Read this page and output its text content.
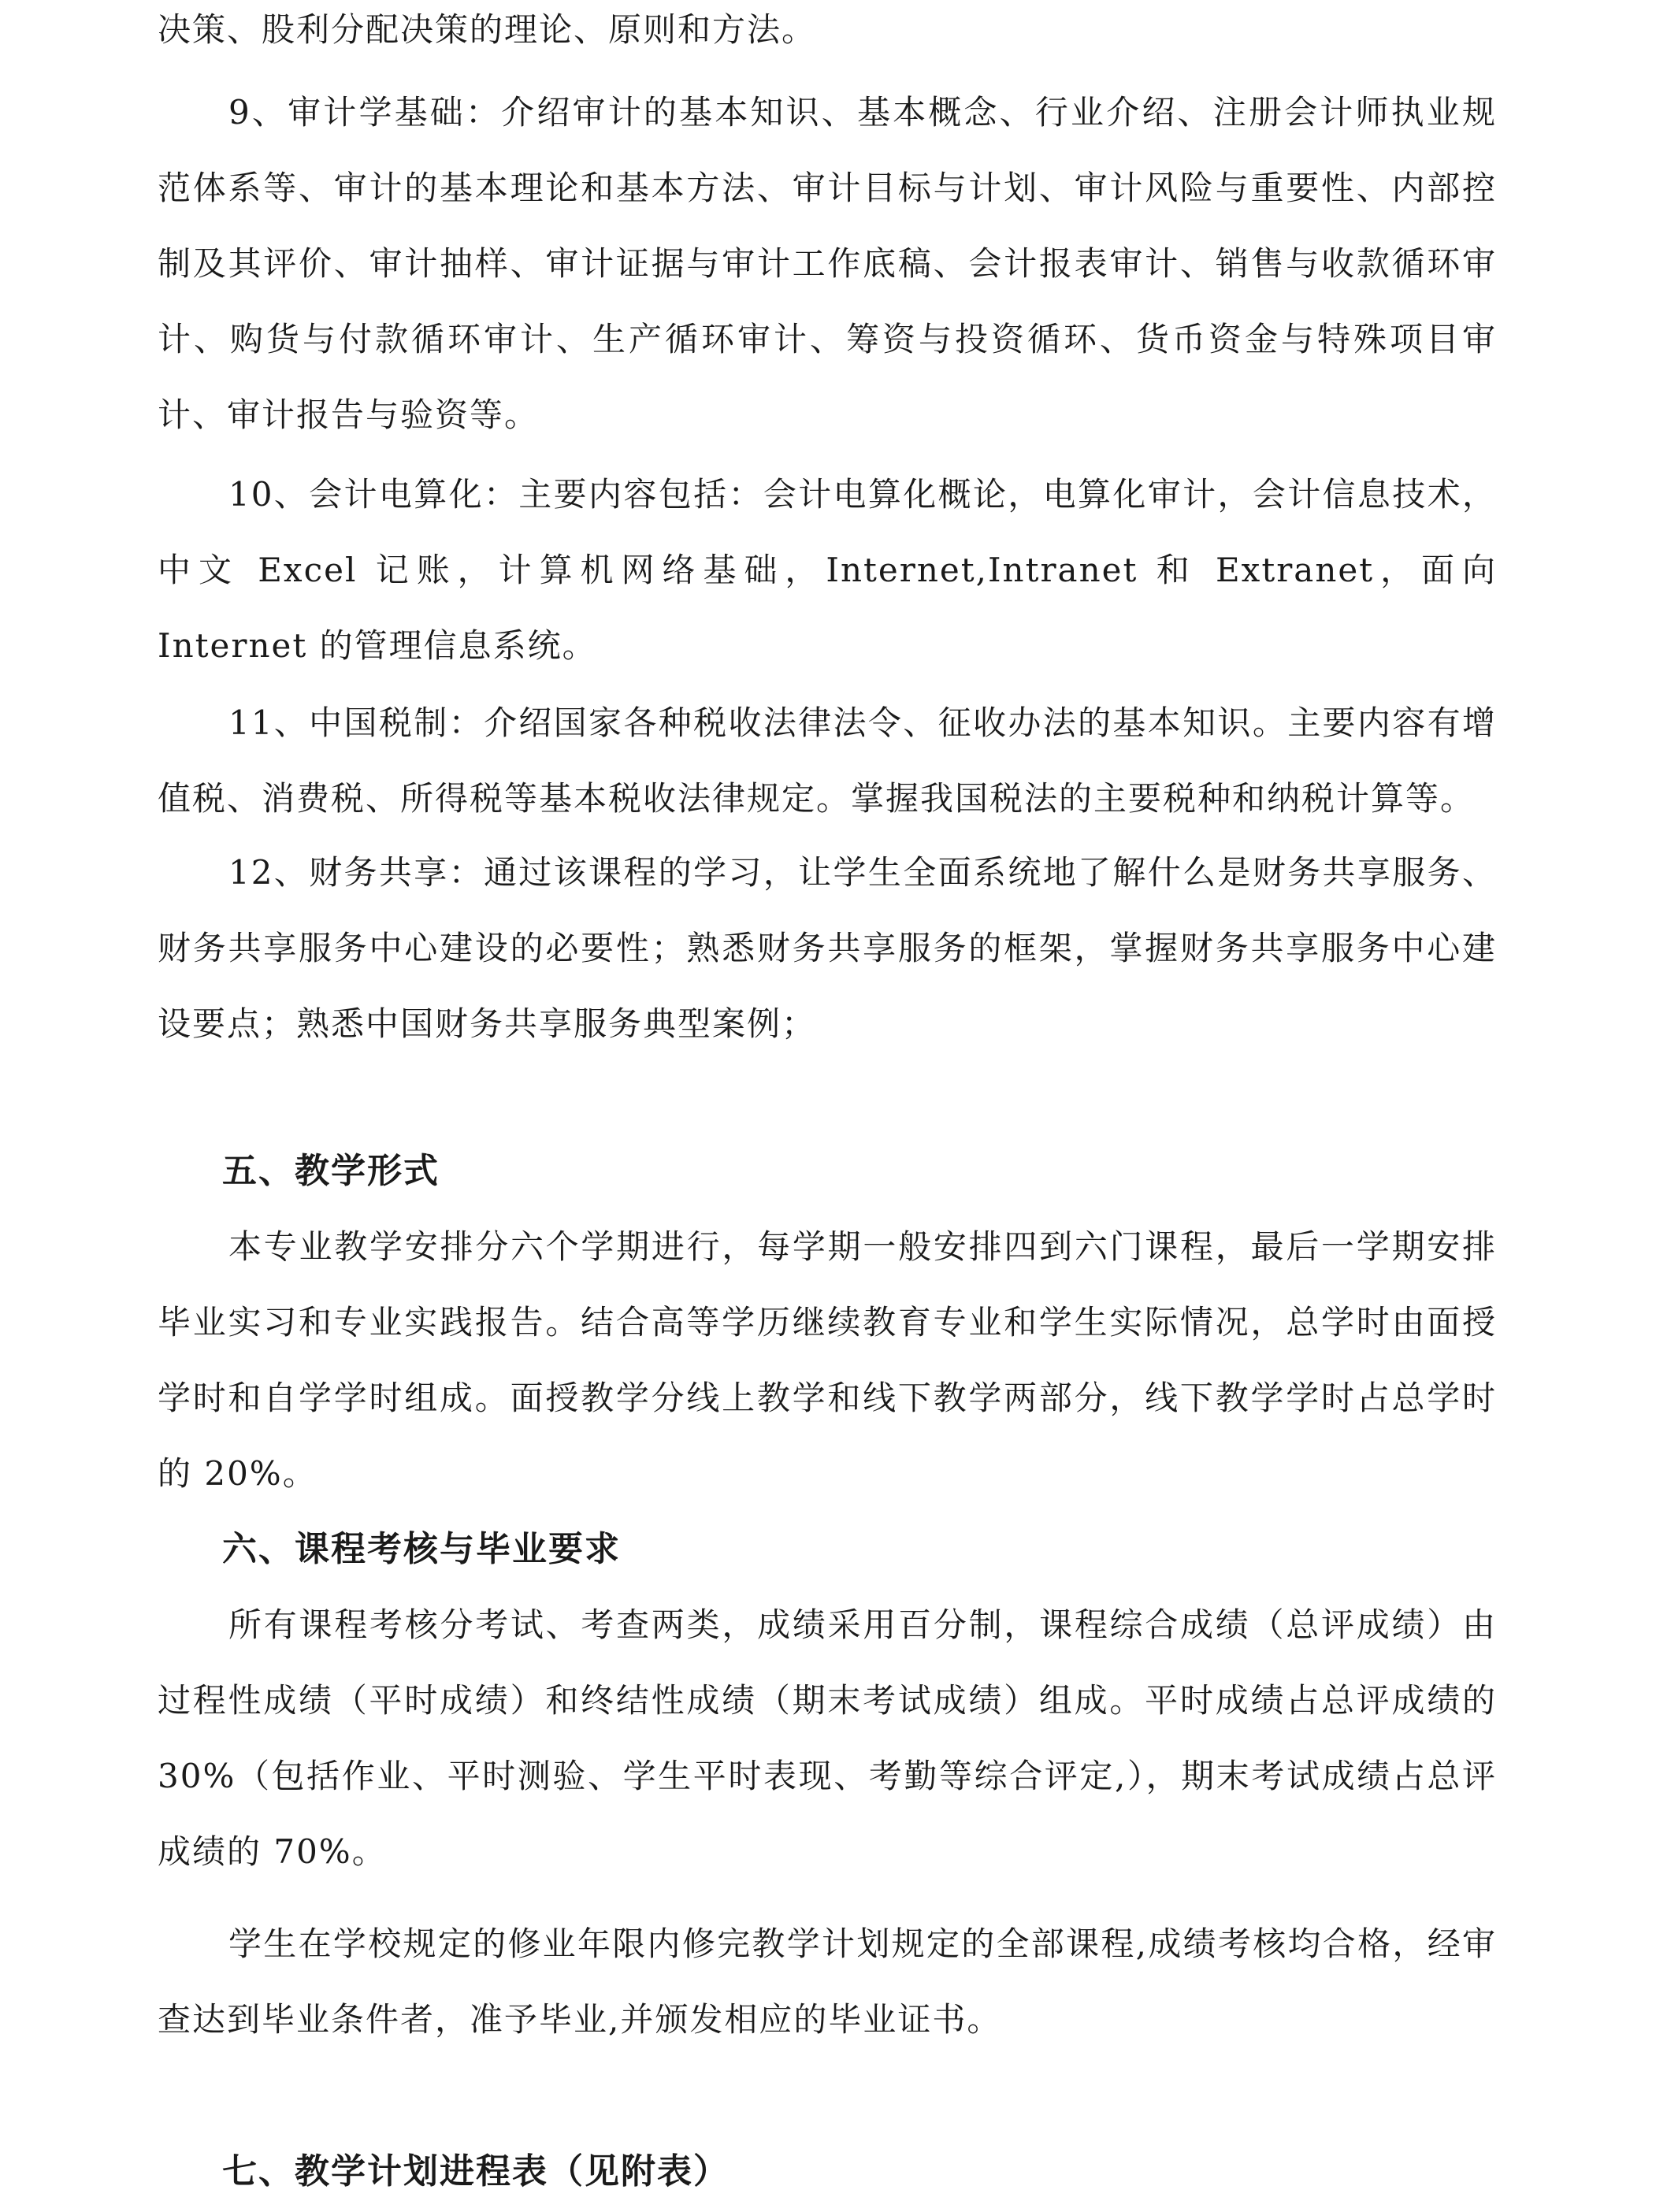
决策、股利分配决策的理论、原则和方法。

9、审计学基础：介绍审计的基本知识、基本概念、行业介绍、注册会计师执业规范体系等、审计的基本理论和基本方法、审计目标与计划、审计风险与重要性、内部控制及其评价、审计抽样、审计证据与审计工作底稿、会计报表审计、销售与收款循环审计、购货与付款循环审计、生产循环审计、筹资与投资循环、货币资金与特殊项目审计、审计报告与验资等。

10、会计电算化：主要内容包括：会计电算化概论，电算化审计，会计信息技术，中文 Excel 记账，计算机网络基础，Internet,Intranet 和 Extranet，面向 Internet 的管理信息系统。

11、中国税制：介绍国家各种税收法律法令、征收办法的基本知识。主要内容有增值税、消费税、所得税等基本税收法律规定。掌握我国税法的主要税种和纳税计算等。

12、财务共享：通过该课程的学习，让学生全面系统地了解什么是财务共享服务、财务共享服务中心建设的必要性；熟悉财务共享服务的框架，掌握财务共享服务中心建设要点；熟悉中国财务共享服务典型案例；

五、教学形式

本专业教学安排分六个学期进行，每学期一般安排四到六门课程，最后一学期安排毕业实习和专业实践报告。结合高等学历继续教育专业和学生实际情况，总学时由面授学时和自学学时组成。面授教学分线上教学和线下教学两部分，线下教学学时占总学时的 20%。

六、课程考核与毕业要求

所有课程考核分考试、考查两类，成绩采用百分制，课程综合成绩（总评成绩）由过程性成绩（平时成绩）和终结性成绩（期末考试成绩）组成。平时成绩占总评成绩的 30%（包括作业、平时测验、学生平时表现、考勤等综合评定,），期末考试成绩占总评成绩的 70%。

学生在学校规定的修业年限内修完教学计划规定的全部课程,成绩考核均合格，经审查达到毕业条件者，准予毕业,并颁发相应的毕业证书。

七、教学计划进程表（见附表）
